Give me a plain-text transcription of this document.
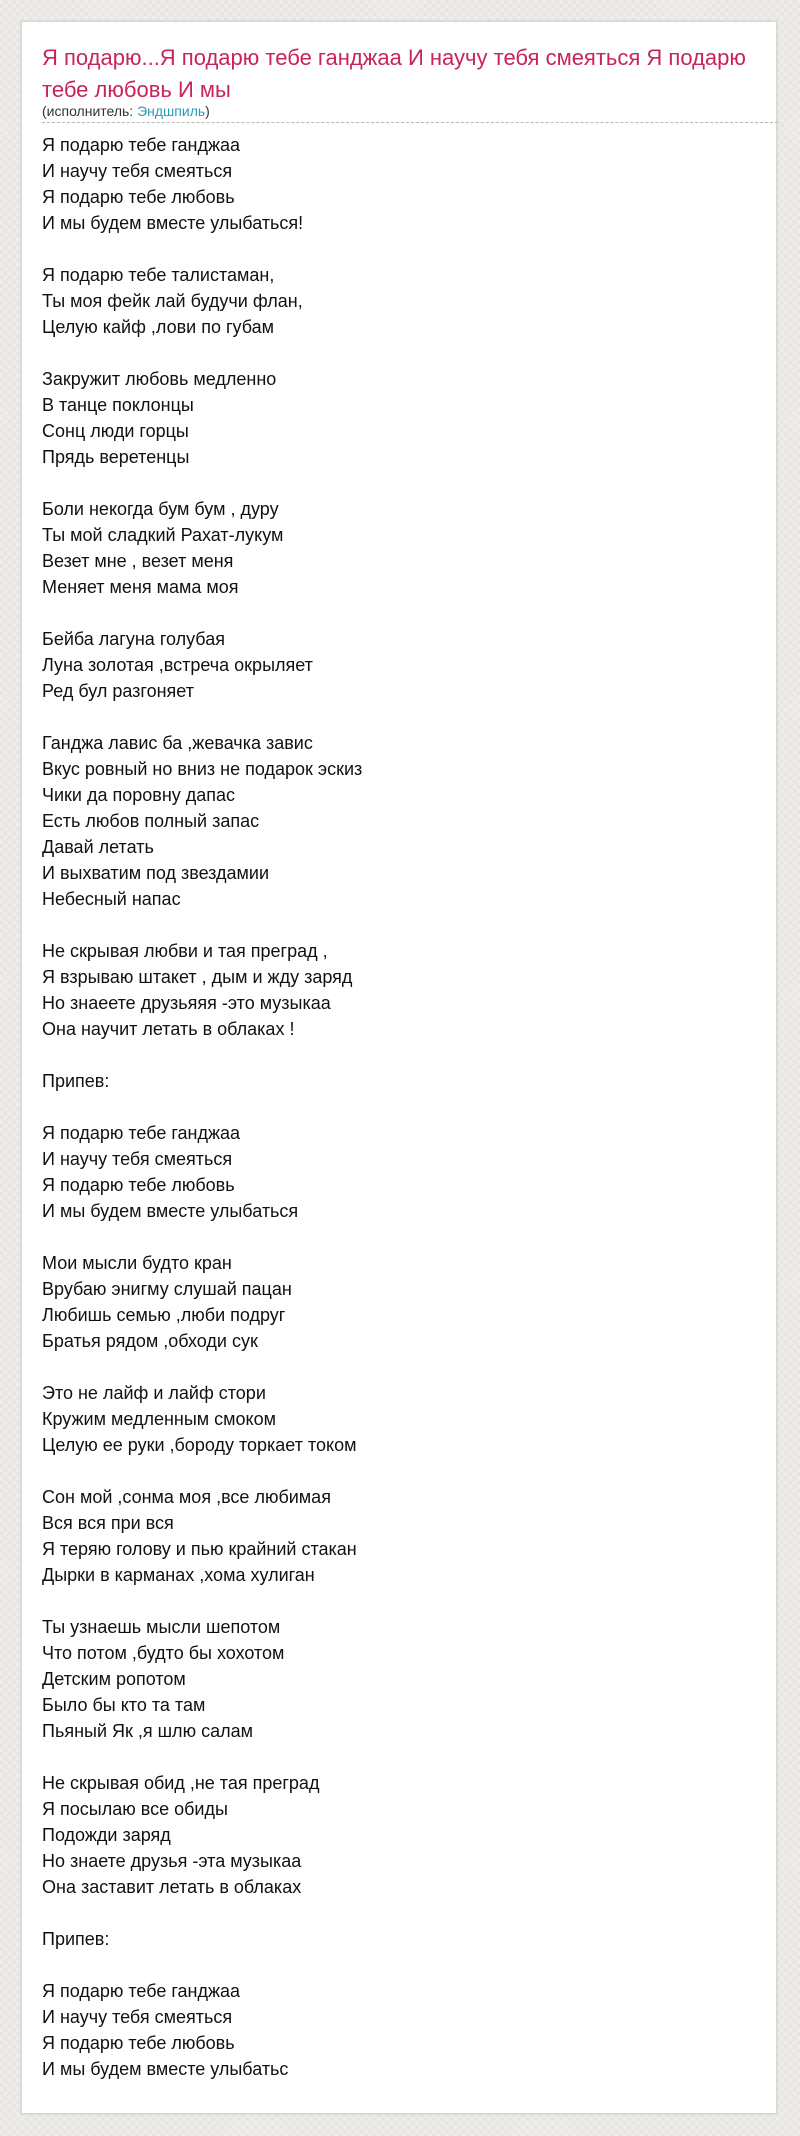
Я подарю...Я подарю тебе ганджаа И научу тебя смеяться Я подарю тебе любовь И мы
(исполнитель: Эндшпиль)
Я подарю тебе ганджаа
И научу тебя смеяться
Я подарю тебе любовь
И мы будем вместе улыбаться!

Я подарю тебе талистаман,
Ты моя фейк лай будучи флан,
Целую кайф ,лови по губам

Закружит любовь медленно
В танце поклонцы
Сонц люди горцы
Прядь веретенцы

Боли некогда бум бум , дуру
Ты мой сладкий Рахат-лукум
Везет мне , везет меня
Меняет меня мама моя

Бейба лагуна голубая
Луна золотая ,встреча окрыляет
Ред бул разгоняет

Ганджа лавис ба ,жевачка завис
Вкус ровный но вниз не подарок эскиз
Чики да поровну дапас
Есть любов полный запас
Давай летать
И выхватим под звездамии
Небесный напас

Не скрывая любви и тая преград ,
Я взрываю штакет , дым и жду заряд
Но знаеете друзьяяя -это музыкаа
Она научит летать в облаках !

Припев:

Я подарю тебе ганджаа
И научу тебя смеяться
Я подарю тебе любовь
И мы будем вместе улыбаться

Мои мысли будто кран
Врубаю энигму слушай пацан
Любишь семью ,люби подруг
Братья рядом ,обходи сук

Это не лайф и лайф стори
Кружим медленным смоком
Целую ее руки ,бороду торкает током

Сон мой ,сонма моя ,все любимая
Вся вся при вся
Я теряю голову и пью крайний стакан
Дырки в карманах ,хома хулиган

Ты узнаешь мысли шепотом
Что потом ,будто бы хохотом
Детским ропотом
Было бы кто та там
Пьяный Як ,я шлю салам

Не скрывая обид ,не тая преград
Я посылаю все обиды
Подожди заряд
Но знаете друзья -эта музыкаа
Она заставит летать в облаках

Припев:

Я подарю тебе ганджаа
И научу тебя смеяться
Я подарю тебе любовь
И мы будем вместе улыбатьс
